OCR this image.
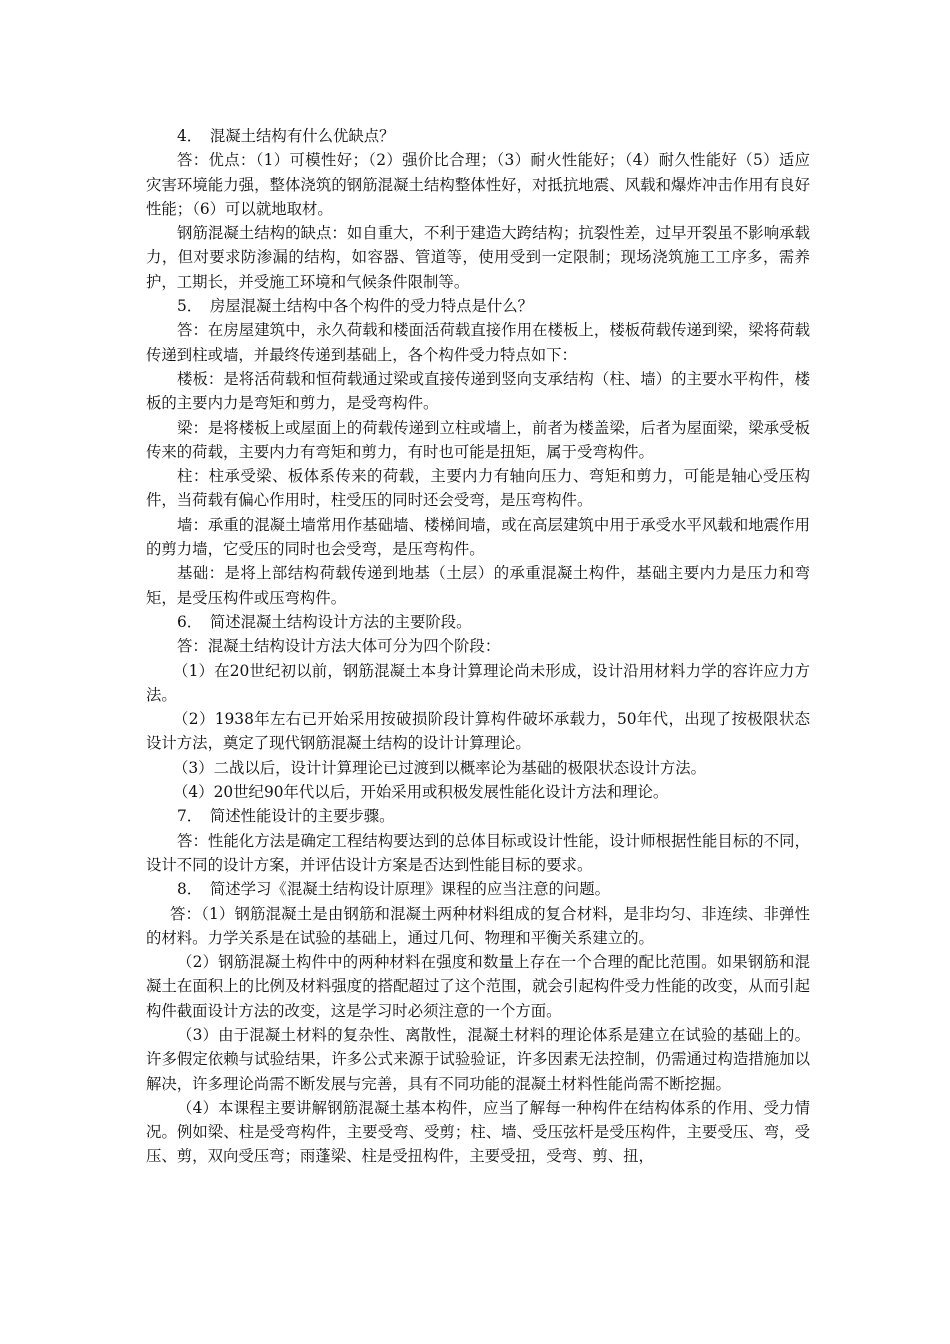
4．　混凝土结构有什么优缺点？

答：优点：（1）可模性好；（2）强价比合理；（3）耐火性能好；（4）耐久性能好（5）适应灾害环境能力强，整体浇筑的钢筋混凝土结构整体性好，对抵抗地震、风载和爆炸冲击作用有良好性能；（6）可以就地取材。

钢筋混凝土结构的缺点：如自重大，不利于建造大跨结构；抗裂性差，过早开裂虽不影响承载力，但对要求防渗漏的结构，如容器、管道等，使用受到一定限制；现场浇筑施工工序多，需养护，工期长，并受施工环境和气候条件限制等。

5．　房屋混凝土结构中各个构件的受力特点是什么？

答：在房屋建筑中，永久荷载和楼面活荷载直接作用在楼板上，楼板荷载传递到梁，梁将荷载传递到柱或墙，并最终传递到基础上，各个构件受力特点如下：

楼板：是将活荷载和恒荷载通过梁或直接传递到竖向支承结构（柱、墙）的主要水平构件，楼板的主要内力是弯矩和剪力，是受弯构件。

梁：是将楼板上或屋面上的荷载传递到立柱或墙上，前者为楼盖梁，后者为屋面梁，梁承受板传来的荷载，主要内力有弯矩和剪力，有时也可能是扭矩，属于受弯构件。

柱：柱承受梁、板体系传来的荷载，主要内力有轴向压力、弯矩和剪力，可能是轴心受压构件，当荷载有偏心作用时，柱受压的同时还会受弯，是压弯构件。

墙：承重的混凝土墙常用作基础墙、楼梯间墙，或在高层建筑中用于承受水平风载和地震作用的剪力墙，它受压的同时也会受弯，是压弯构件。

基础：是将上部结构荷载传递到地基（土层）的承重混凝土构件，基础主要内力是压力和弯矩，是受压构件或压弯构件。

6．　简述混凝土结构设计方法的主要阶段。

答：混凝土结构设计方法大体可分为四个阶段：

（1）在20世纪初以前，钢筋混凝土本身计算理论尚未形成，设计沿用材料力学的容许应力方法。

（2）1938年左右已开始采用按破损阶段计算构件破坏承载力，50年代，出现了按极限状态设计方法，奠定了现代钢筋混凝土结构的设计计算理论。

（3）二战以后，设计计算理论已过渡到以概率论为基础的极限状态设计方法。

（4）20世纪90年代以后，开始采用或积极发展性能化设计方法和理论。

7．　简述性能设计的主要步骤。

答：性能化方法是确定工程结构要达到的总体目标或设计性能，设计师根据性能目标的不同，设计不同的设计方案，并评估设计方案是否达到性能目标的要求。

8．　简述学习《混凝土结构设计原理》课程的应当注意的问题。

答：（1）钢筋混凝土是由钢筋和混凝土两种材料组成的复合材料，是非均匀、非连续、非弹性的材料。力学关系是在试验的基础上，通过几何、物理和平衡关系建立的。

（2）钢筋混凝土构件中的两种材料在强度和数量上存在一个合理的配比范围。如果钢筋和混凝土在面积上的比例及材料强度的搭配超过了这个范围，就会引起构件受力性能的改变，从而引起构件截面设计方法的改变，这是学习时必须注意的一个方面。

（3）由于混凝土材料的复杂性、离散性，混凝土材料的理论体系是建立在试验的基础上的。许多假定依赖与试验结果，许多公式来源于试验验证，许多因素无法控制，仍需通过构造措施加以解决，许多理论尚需不断发展与完善，具有不同功能的混凝土材料性能尚需不断挖掘。

（4）本课程主要讲解钢筋混凝土基本构件，应当了解每一种构件在结构体系的作用、受力情况。例如梁、柱是受弯构件，主要受弯、受剪；柱、墙、受压弦杆是受压构件，主要受压、弯，受压、剪，双向受压弯；雨蓬梁、柱是受扭构件，主要受扭，受弯、剪、扭，
